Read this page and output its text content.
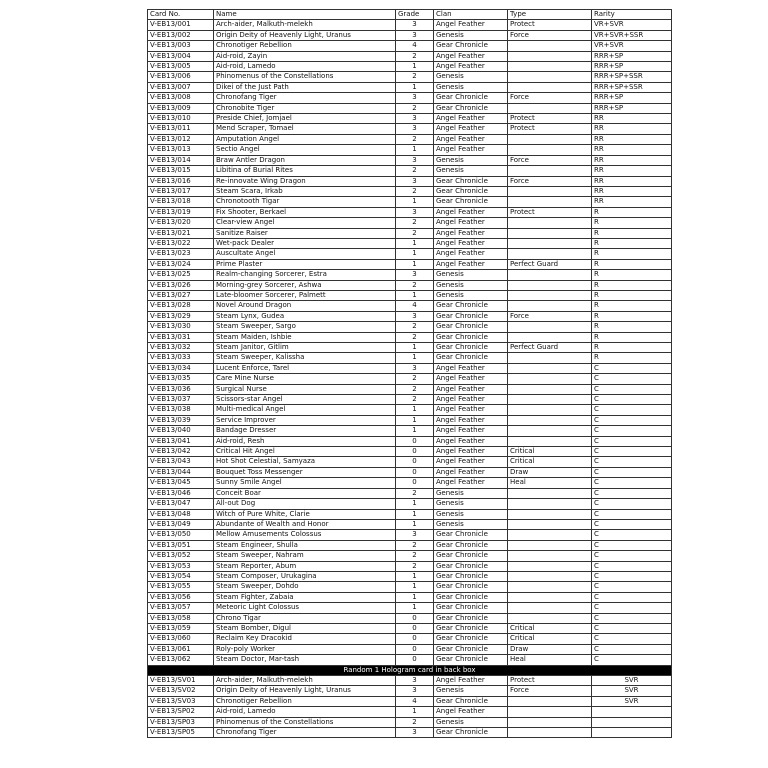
Card No.	Name	Grade	Clan	Type	Rarity
V-EB13/001	Arch-aider, Malkuth-melekh	3	Angel Feather	Protect	VR+SVR
V-EB13/002	Origin Deity of Heavenly Light, Uranus	3	Genesis	Force	VR+SVR+SSR
V-EB13/003	Chronotiger Rebellion	4	Gear Chronicle		VR+SVR
V-EB13/004	Aid-roid, Zayin	2	Angel Feather		RRR+SP
V-EB13/005	Aid-roid, Lamedo	1	Angel Feather		RRR+SP
V-EB13/006	Phinomenus of the Constellations	2	Genesis		RRR+SP+SSR
V-EB13/007	Dikei of the Just Path	1	Genesis		RRR+SP+SSR
V-EB13/008	Chronofang Tiger	3	Gear Chronicle	Force	RRR+SP
V-EB13/009	Chronobite Tiger	2	Gear Chronicle		RRR+SP
V-EB13/010	Preside Chief, Jomjael	3	Angel Feather	Protect	RR
V-EB13/011	Mend Scraper, Tomael	3	Angel Feather	Protect	RR
V-EB13/012	Amputation Angel	2	Angel Feather		RR
V-EB13/013	Sectio Angel	1	Angel Feather		RR
V-EB13/014	Braw Antler Dragon	3	Genesis	Force	RR
V-EB13/015	Libitina of Burial Rites	2	Genesis		RR
V-EB13/016	Re-innovate Wing Dragon	3	Gear Chronicle	Force	RR
V-EB13/017	Steam Scara, Irkab	2	Gear Chronicle		RR
V-EB13/018	Chronotooth Tigar	1	Gear Chronicle		RR
V-EB13/019	Fix Shooter, Berkael	3	Angel Feather	Protect	R
V-EB13/020	Clear-view Angel	2	Angel Feather		R
V-EB13/021	Sanitize Raiser	2	Angel Feather		R
V-EB13/022	Wet-pack Dealer	1	Angel Feather		R
V-EB13/023	Auscultate Angel	1	Angel Feather		R
V-EB13/024	Prime Plaster	1	Angel Feather	Perfect Guard	R
V-EB13/025	Realm-changing Sorcerer, Estra	3	Genesis		R
V-EB13/026	Morning-grey Sorcerer, Ashwa	2	Genesis		R
V-EB13/027	Late-bloomer Sorcerer, Palmett	1	Genesis		R
V-EB13/028	Novel Around Dragon	4	Gear Chronicle		R
V-EB13/029	Steam Lynx, Gudea	3	Gear Chronicle	Force	R
V-EB13/030	Steam Sweeper, Sargo	2	Gear Chronicle		R
V-EB13/031	Steam Maiden, Ishbie	2	Gear Chronicle		R
V-EB13/032	Steam Janitor, Gitlim	1	Gear Chronicle	Perfect Guard	R
V-EB13/033	Steam Sweeper, Kalissha	1	Gear Chronicle		R
V-EB13/034	Lucent Enforce, Tarel	3	Angel Feather		C
V-EB13/035	Care Mine Nurse	2	Angel Feather		C
V-EB13/036	Surgical Nurse	2	Angel Feather		C
V-EB13/037	Scissors-star Angel	2	Angel Feather		C
V-EB13/038	Multi-medical Angel	1	Angel Feather		C
V-EB13/039	Service Improver	1	Angel Feather		C
V-EB13/040	Bandage Dresser	1	Angel Feather		C
V-EB13/041	Aid-roid, Resh	0	Angel Feather		C
V-EB13/042	Critical Hit Angel	0	Angel Feather	Critical	C
V-EB13/043	Hot Shot Celestial, Samyaza	0	Angel Feather	Critical	C
V-EB13/044	Bouquet Toss Messenger	0	Angel Feather	Draw	C
V-EB13/045	Sunny Smile Angel	0	Angel Feather	Heal	C
V-EB13/046	Conceit Boar	2	Genesis		C
V-EB13/047	All-out Dog	1	Genesis		C
V-EB13/048	Witch of Pure White, Clarie	1	Genesis		C
V-EB13/049	Abundante of Wealth and Honor	1	Genesis		C
V-EB13/050	Mellow Amusements Colossus	3	Gear Chronicle		C
V-EB13/051	Steam Engineer, Shulla	2	Gear Chronicle		C
V-EB13/052	Steam Sweeper, Nahram	2	Gear Chronicle		C
V-EB13/053	Steam Reporter, Abum	2	Gear Chronicle		C
V-EB13/054	Steam Composer, Urukagina	1	Gear Chronicle		C
V-EB13/055	Steam Sweeper, Dohdo	1	Gear Chronicle		C
V-EB13/056	Steam Fighter, Zabaia	1	Gear Chronicle		C
V-EB13/057	Meteoric Light Colossus	1	Gear Chronicle		C
V-EB13/058	Chrono Tigar	0	Gear Chronicle		C
V-EB13/059	Steam Bomber, Digul	0	Gear Chronicle	Critical	C
V-EB13/060	Reclaim Key Dracokid	0	Gear Chronicle	Critical	C
V-EB13/061	Roly-poly Worker	0	Gear Chronicle	Draw	C
V-EB13/062	Steam Doctor, Mar-tash	0	Gear Chronicle	Heal	C
Random 1 Hologram card in back box					
V-EB13/SV01	Arch-aider, Malkuth-melekh	3	Angel Feather	Protect	SVR
V-EB13/SV02	Origin Deity of Heavenly Light, Uranus	3	Genesis	Force	SVR
V-EB13/SV03	Chronotiger Rebellion	4	Gear Chronicle		SVR
V-EB13/SP02	Aid-roid, Lamedo	1	Angel Feather		
V-EB13/SP03	Phinomenus of the Constellations	2	Genesis		
V-EB13/SP05	Chronofang Tiger	3	Gear Chronicle		
